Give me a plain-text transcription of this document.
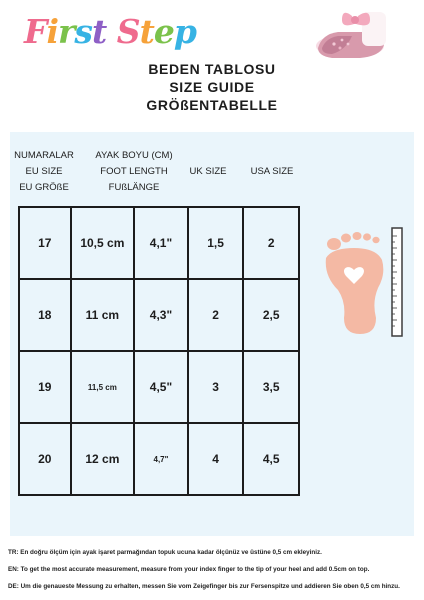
First Step
BEDEN TABLOSU
SIZE GUIDE
GRÖßENTABELLE
NUMARALAR
EU SIZE
EU GRÖßE
AYAK BOYU (CM)
FOOT LENGTH
FUßLÄNGE
UK SIZE	USA SIZE
17	10,5 cm	4,1"	1,5	2
18	11 cm	4,3"	2	2,5
19	11,5 cm	4,5"	3	3,5
20	12 cm	4,7"	4	4,5

TR: En doğru ölçüm için ayak işaret parmağından topuk ucuna kadar ölçünüz ve üstüne 0,5 cm ekleyiniz.

EN: To get the most accurate measurement, measure from your index finger to the tip of your heel and add 0.5cm on top.

DE: Um die genaueste Messung zu erhalten, messen Sie vom Zeigefinger bis zur Fersenspitze und addieren Sie oben 0,5 cm hinzu.
